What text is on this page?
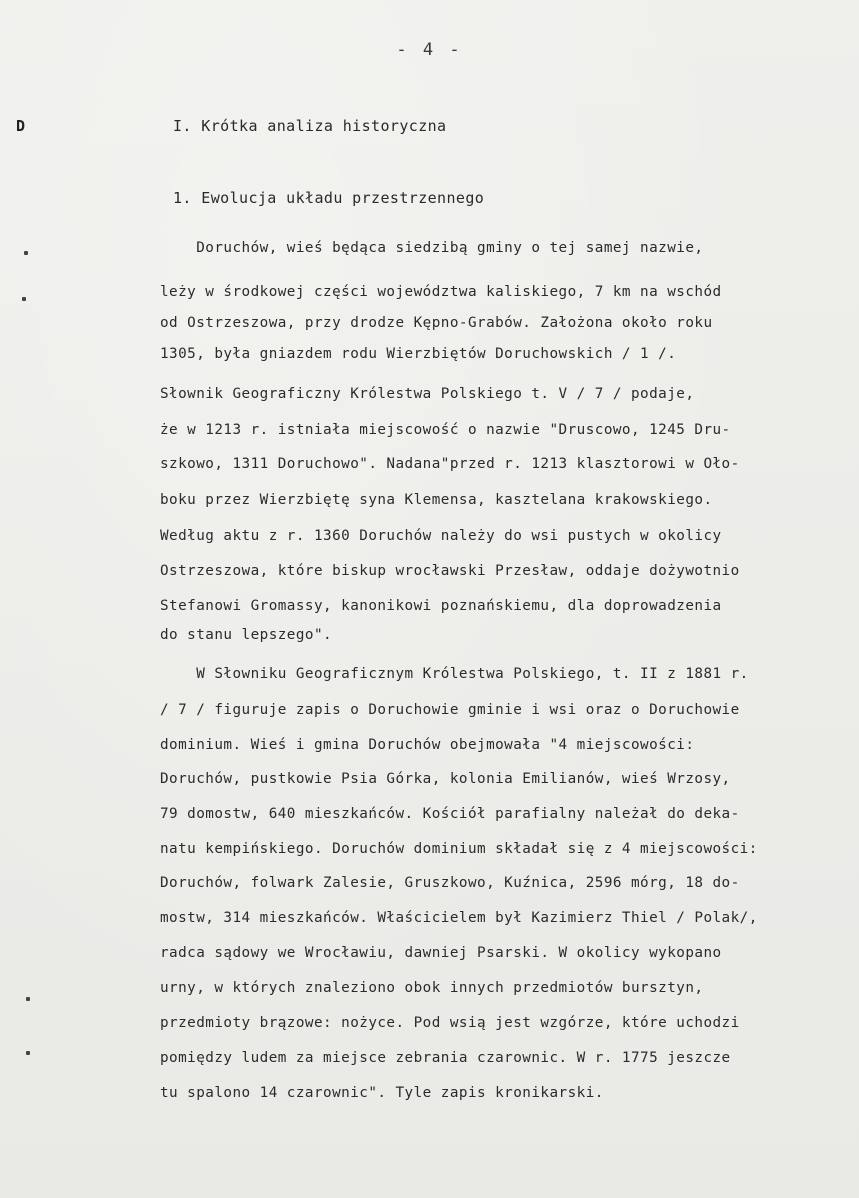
- 4 -
D	I. Krótka analiza historyczna
1. Ewolucja układu przestrzennego
Doruchów, wieś będąca siedzibą gminy o tej samej nazwie,
leży w środkowej części województwa kaliskiego, 7 km na wschód
od Ostrzeszowa, przy drodze Kępno-Grabów. Założona około roku
1305, była gniazdem rodu Wierzbiętów Doruchowskich / 1 /.
Słownik Geograficzny Królestwa Polskiego t. V / 7 / podaje,
że w 1213 r. istniała miejscowość o nazwie "Druscowo, 1245 Dru-
szkowo, 1311 Doruchowo". Nadana"przed r. 1213 klasztorowi w Oło-
boku przez Wierzbiętę syna Klemensa, kasztelana krakowskiego.
Według aktu z r. 1360 Doruchów należy do wsi pustych w okolicy
Ostrzeszowa, które biskup wrocławski Przesław, oddaje dożywotnio
Stefanowi Gromassy, kanonikowi poznańskiemu, dla doprowadzenia
do stanu lepszego".
W Słowniku Geograficznym Królestwa Polskiego, t. II z 1881 r.
/ 7 / figuruje zapis o Doruchowie gminie i wsi oraz o Doruchowie
dominium. Wieś i gmina Doruchów obejmowała "4 miejscowości:
Doruchów, pustkowie Psia Górka, kolonia Emilianów, wieś Wrzosy,
79 domostw, 640 mieszkańców. Kościół parafialny należał do deka-
natu kempińskiego. Doruchów dominium składał się z 4 miejscowości:
Doruchów, folwark Zalesie, Gruszkowo, Kuźnica, 2596 mórg, 18 do-
mostw, 314 mieszkańców. Właścicielem był Kazimierz Thiel / Polak/,
radca sądowy we Wrocławiu, dawniej Psarski. W okolicy wykopano
urny, w których znaleziono obok innych przedmiotów bursztyn,
przedmioty brązowe: nożyce. Pod wsią jest wzgórze, które uchodzi
pomiędzy ludem za miejsce zebrania czarownic. W r. 1775 jeszcze
tu spalono 14 czarownic". Tyle zapis kronikarski.
